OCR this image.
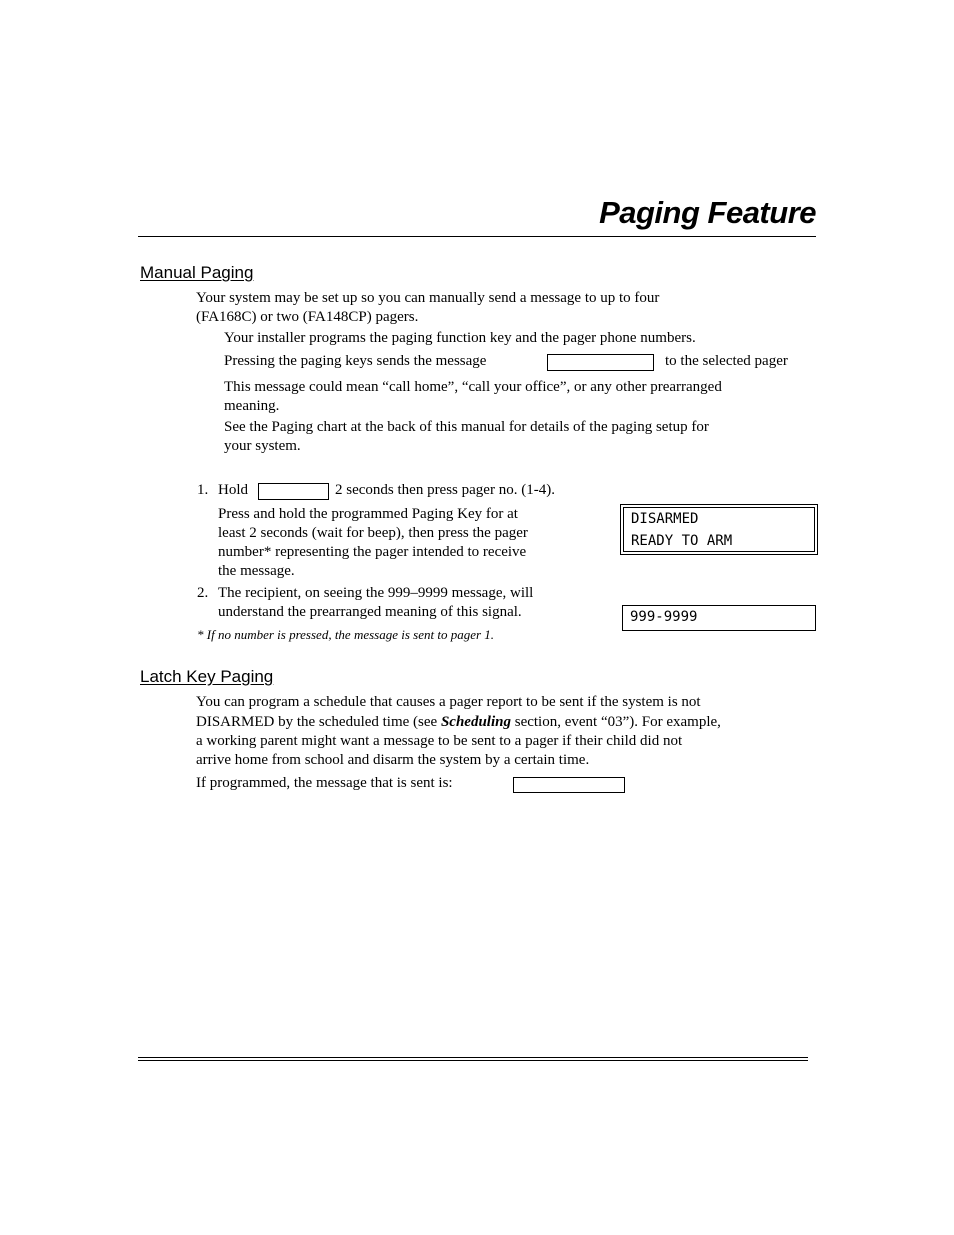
Paging Feature
Manual Paging
Your system may be set up so you can manually send a message to up to four
(FA168C) or two (FA148CP) pagers.
Your installer programs the paging function key and the pager phone numbers.
Pressing the paging keys sends the message	to the selected pager
This message could mean “call home”, “call your office”, or any other prearranged
meaning.
See the Paging chart at the back of this manual for details of the paging setup for
your system.
1. Hold	2 seconds then press pager no. (1-4).
Press and hold the programmed Paging Key for at
least 2 seconds (wait for beep), then press the pager
number* representing the pager intended to receive
the message.
2. The recipient, on seeing the 999–9999 message, will
understand the prearranged meaning of this signal.
* If no number is pressed, the message is sent to pager 1.
DISARMED
READY TO ARM
999-9999
Latch Key Paging
You can program a schedule that causes a pager report to be sent if the system is not
DISARMED by the scheduled time (see Scheduling section, event “03”). For example,
a working parent might want a message to be sent to a pager if their child did not
arrive home from school and disarm the system by a certain time.
If programmed, the message that is sent is:
